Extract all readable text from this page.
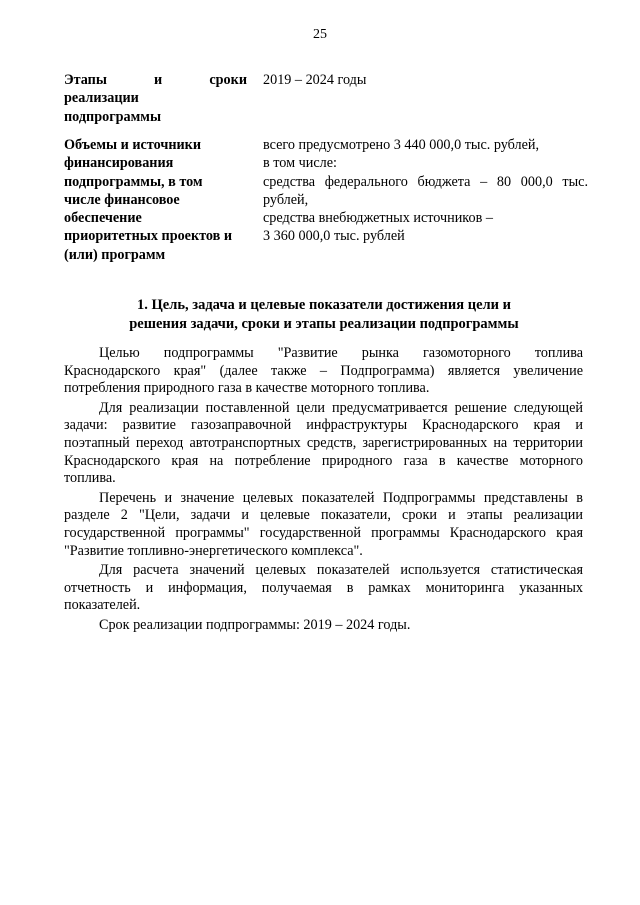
25
Этапы и сроки
реализации
подпрограммы
2019 – 2024 годы
Объемы и источники
финансирования
подпрограммы, в том
числе финансовое
обеспечение
приоритетных проектов и
(или) программ
всего предусмотрено 3 440 000,0 тыс. рублей,
в том числе:
средства федерального бюджета – 80 000,0 тыс.
рублей,
средства внебюджетных источников –
3 360 000,0 тыс. рублей
1. Цель, задача и целевые показатели достижения цели и
решения задачи, сроки и этапы реализации подпрограммы
Целью подпрограммы "Развитие рынка газомоторного топлива
Краснодарского края" (далее также – Подпрограмма) является увеличение
потребления природного газа в качестве моторного топлива.
Для реализации поставленной цели предусматривается решение следующей
задачи: развитие газозаправочной инфраструктуры Краснодарского края и
поэтапный переход автотранспортных средств, зарегистрированных на территории
Краснодарского края на потребление природного газа в качестве моторного
топлива.
Перечень и значение целевых показателей Подпрограммы представлены в
разделе 2 "Цели, задачи и целевые показатели, сроки и этапы реализации
государственной программы" государственной программы Краснодарского края
"Развитие топливно-энергетического комплекса".
Для расчета значений целевых показателей используется статистическая
отчетность и информация, получаемая в рамках мониторинга указанных
показателей.
Срок реализации подпрограммы: 2019 – 2024 годы.
